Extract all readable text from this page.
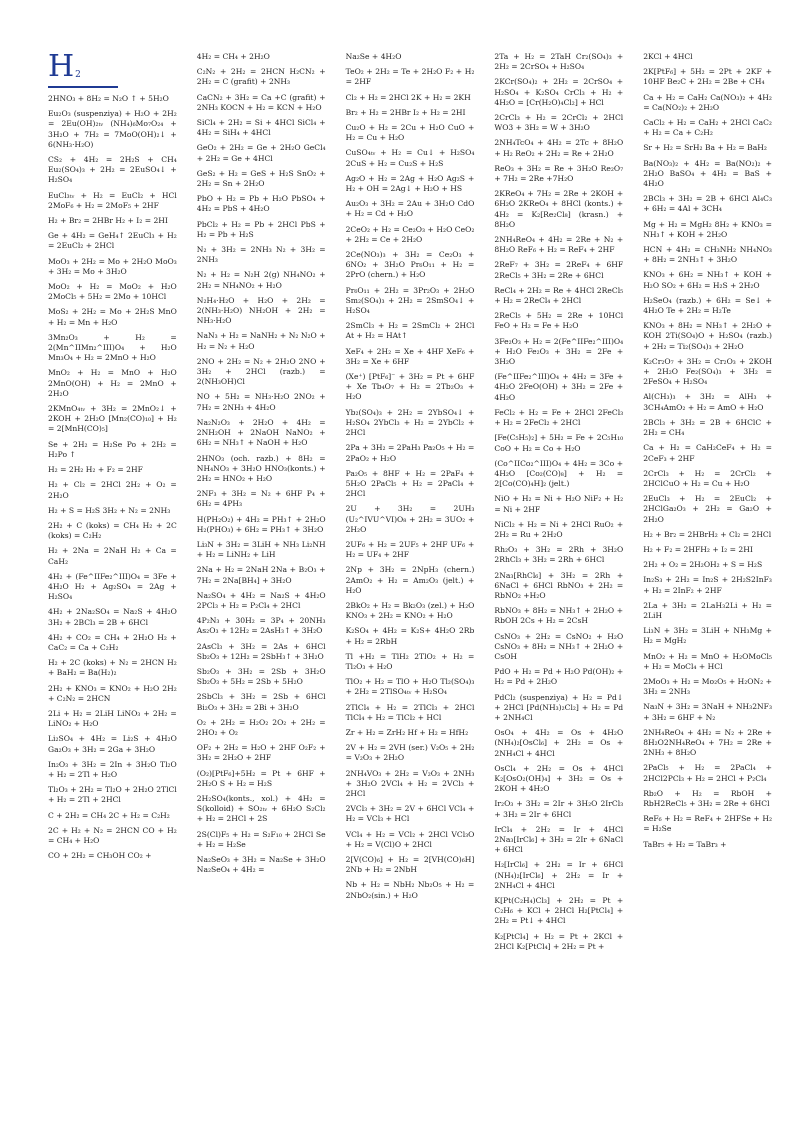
H 2

2HNO₃ + 8H₂ = N₂O ↑ + 5H₂O

Eu₂O₃ (suspenziya) + H₂O + 2H₂ = 2Eu(OH)₂ₜᵥ (NH₄)₆Mo₇O₂₄ + 3H₂O + 7H₂ = 7MoO(OH)₂↓ + 6(NH₃·H₂O)

CS₂ + 4H₂ = 2H₂S + CH₄ Eu₂(SO₄)₃ + 2H₂ = 2EuSO₄↓ + H₂SO₄

EuCl₃ₜᵥ + H₂ = EuCl₂ + HCl 2MoF₆ + H₂ = 2MoF₅ + 2HF

H₂ + Br₂ = 2HBr H₂ + I₂ = 2HI

Ge + 4H₂ = GeH₄↑ 2EuCl₃ + H₂ = 2EuCl₂ + 2HCl

MoO₃ + 2H₂ = Mo + 2H₂O MoO₃ + 3H₂ = Mo + 3H₂O

MoO₂ + H₂ = MoO₂ + H₂O 2MoCl₅ + 5H₂ = 2Mo + 10HCl

MoS₂ + 2H₂ = Mo + 2H₂S MnO + H₂ = Mn + H₂O

3Mn₂O₃ + H₂ = 2(Mn^IIMn₂^III)O₄ + H₂O Mn₃O₄ + H₂ = 2MnO + H₂O

MnO₂ + H₂ = MnO + H₂O 2MnO(OH) + H₂ = 2MnO + 2H₂O

2KMnO₄ₜᵥ + 3H₂ = 2MnO₂↓ + 2KOH + 2H₂O [Mn₂(CO)₁₀] + H₂ = 2[MnH(CO)₅]

Se + 2H₂ = H₂Se Po + 2H₂ = H₂Po ↑

H₂ = 2H₂ H₂ + F₂ = 2HF

H₂ + Cl₂ = 2HCl 2H₂ + O₂ = 2H₂O

H₂ + S = H₂S 3H₂ + N₂ = 2NH₃

2H₂ + C (koks) = CH₄ H₂ + 2C (koks) = C₂H₂

H₂ + 2Na = 2NaH H₂ + Ca = CaH₂

4H₂ + (Fe^IIFe₂^III)O₄ = 3Fe + 4H₂O H₂ + Ag₂SO₄ = 2Ag + H₂SO₄

4H₂ + 2Na₂SO₄ = Na₂S + 4H₂O 3H₂ + 2BCl₃ = 2B + 6HCl

4H₂ + CO₂ = CH₄ + 2H₂O H₂ + CaC₂ = Ca + C₂H₂

H₂ + 2C (koks) + N₂ = 2HCN H₂ + BaH₂ = Ba(H₂)₂

2H₂ + KNO₃ = KNO₂ + H₂O 2H₂ + C₂N₂ = 2HCN

2Li + H₂ = 2LiH LiNO₃ + 2H₂ = LiNO₂ + H₂O

Li₂SO₄ + 4H₂ = Li₂S + 4H₂O Ga₂O₃ + 3H₂ = 2Ga + 3H₂O

In₂O₃ + 3H₂ = 2In + 3H₂O Tl₂O + H₂ = 2Tl + H₂O

Tl₂O₃ + 2H₂ = Tl₂O + 2H₂O 2TlCl + H₂ = 2Tl + 2HCl

C + 2H₂ = CH₄ 2C + H₂ = C₂H₂

2C + H₂ + N₂ = 2HCN CO + H₂ = CH₄ + H₂O

CO + 2H₂ = CH₃OH CO₂ +

4H₂ = CH₄ + 2H₂O

C₂N₂ + 2H₂ = 2HCN H₂CN₂ + 2H₂ = C (grafit) + 2NH₃

CaCN₂ + 3H₂ = Ca +C (grafit) + 2NH₃ KOCN + H₂ = KCN + H₂O

SiCl₄ + 2H₂ = Si + 4HCl SiCl₄ + 4H₂ = SiH₄ + 4HCl

GeO₂ + 2H₂ = Ge + 2H₂O GeCl₄ + 2H₂ = Ge + 4HCl

GeS₂ + H₂ = GeS + H₂S SnO₂ + 2H₂ = Sn + 2H₂O

PbO + H₂ = Pb + H₂O PbSO₄ + 4H₂ = PbS + 4H₂O

PbCl₂ + H₂ = Pb + 2HCl PbS + H₂ = Pb + H₂S

N₂ + 3H₂ = 2NH₃ N₂ + 3H₂ = 2NH₃

N₂ + H₂ = N₂H 2(g) NH₄NO₂ + 2H₂ = NH₄NO₂ + H₂O

N₂H₄·H₂O + H₂O + 2H₂ = 2(NH₃·H₂O) NH₂OH + 2H₂ = NH₃·H₂O

NaN₃ + H₂ = NaNH₂ + N₂ N₂O + H₂ = N₂ + H₂O

2NO + 2H₂ = N₂ + 2H₂O 2NO + 3H₂ + 2HCl (razb.) = 2(NH₃OH)Cl

NO + 5H₂ = NH₃·H₂O 2NO₂ + 7H₂ = 2NH₃ + 4H₂O

Na₂N₂O₃ + 2H₂O + 4H₂ = 2NH₂OH + 2NaOH NaNO₂ + 6H₂ = NH₃↑ + NaOH + H₂O

2HNO₃ (och. razb.) + 8H₂ = NH₄NO₃ + 3H₂O HNO₃(konts.) + 2H₂ = HNO₂ + H₂O

2NF₃ + 3H₂ = N₂ + 6HF P₄ + 6H₂ = 4PH₃

H(PH₂O₂) + 4H₂ = PH₃↑ + 2H₂O H₂(PHO₃) + 6H₂ = PH₃↑ + 3H₂O

Li₃N + 3H₂ = 3LiH + NH₃ Li₂NH + H₂ = LiNH₂ + LiH

2Na + H₂ = 2NaH 2Na + B₂O₃ + 7H₂ = 2Na[BH₄] + 3H₂O

Na₂SO₄ + 4H₂ = Na₂S + 4H₂O 2PCl₃ + H₂ = P₂Cl₄ + 2HCl

4P₂N₃ + 30H₂ = 3P₄ + 20NH₃ As₂O₃ + 12H₂ = 2AsH₃↑ + 3H₂O

2AsCl₃ + 3H₂ = 2As + 6HCl Sb₂O₃ + 12H₂ = 2SbH₃↑ + 3H₂O

Sb₂O₃ + 3H₂ = 2Sb + 3H₂O Sb₂O₃ + 5H₂ = 2Sb + 5H₂O

2SbCl₃ + 3H₂ = 2Sb + 6HCl Bi₂O₃ + 3H₂ = 2Bi + 3H₂O

O₂ + 2H₂ = H₂O₂ 2O₂ + 2H₂ = 2HO₂ + O₂

OF₂ + 2H₂ = H₂O + 2HF O₂F₂ + 3H₂ = 2H₂O + 2HF

(O₂)[PtF₆]+5H₂ = Pt + 6HF + 2H₂O S + H₂ = H₂S

2H₂SO₄(konts., xol.) + 4H₂ = S(kolloid) + SO₂ₜᵥ + 6H₂O S₂Cl₂ + H₂ = 2HCl + 2S

2S(Cl)F₅ + H₂ = S₂F₁₀ + 2HCl Se + H₂ = H₂Se

Na₂SeO₃ + 3H₂ = Na₂Se + 3H₂O Na₂SeO₄ + 4H₂ =

Na₂Se + 4H₂O

TeO₂ + 2H₂ = Te + 2H₂O F₂ + H₂ = 2HF

Cl₂ + H₂ = 2HCl 2K + H₂ = 2KH

Br₂ + H₂ = 2HBr I₂ + H₂ = 2HI

Cu₂O + H₂ = 2Cu + H₂O CuO + H₂ = Cu + H₂O

CuSO₄ₜᵥ + H₂ = Cu↓ + H₂SO₄ 2CuS + H₂ = Cu₂S + H₂S

Ag₂O + H₂ = 2Ag + H₂O Ag₂S + H₂ + OH = 2Ag↓ + H₂O + HS

Au₂O₃ + 3H₂ = 2Au + 3H₂O CdO + H₂ = Cd + H₂O

2CeO₂ + H₂ = Ce₂O₃ + H₂O CeO₂ + 2H₂ = Ce + 2H₂O

2Ce(NO₃)₃ + 3H₂ = Ce₂O₃ + 6NO₂ + 3H₂O Pr₆O₁₁ + H₂ = 2PrO (chern.) + H₂O

Pr₆O₁₁ + 2H₂ = 3Pr₂O₃ + 2H₂O Sm₂(SO₄)₃ + 2H₂ = 2SmSO₄↓ + H₂SO₄

2SmCl₃ + H₂ = 2SmCl₂ + 2HCl At + H₂ = HAt↑

XeF₄ + 2H₂ = Xe + 4HF XeF₆ + 3H₂ = Xe + 6HF

(Xe⁺) [PtF₆]⁻ + 3H₂ = Pt + 6HF + Xe Tb₄O₇ + H₂ = 2Tb₂O₃ + H₂O

Yb₂(SO₄)₃ + 2H₂ = 2YbSO₄↓ + H₂SO₄ 2YbCl₃ + H₂ = 2YbCl₂ + 2HCl

2Pa + 3H₂ = 2PaH₃ Pa₂O₅ + H₂ = 2PaO₂ + H₂O

Pa₂O₅ + 8HF + H₂ = 2PaF₄ + 5H₂O 2PaCl₅ + H₂ = 2PaCl₄ + 2HCl

2U + 3H₂ = 2UH₃ (U₂^IVU^VI)O₈ + 2H₂ = 3UO₂ + 2H₂O

2UF₆ + H₂ = 2UF₅ + 2HF UF₆ + H₂ = UF₄ + 2HF

2Np + 3H₂ = 2NpH₃ (chern.) 2AmO₂ + H₂ = Am₂O₃ (jelt.) + H₂O

2BkO₂ + H₂ = Bk₂O₃ (zel.) + H₂O KNO₃ + 2H₂ = KNO₂ + H₂O

K₂SO₄ + 4H₂ = K₂S+ 4H₂O 2Rb + H₂ = 2RbH

Tl +H₂ = TlH₂ 2TlO₂ + H₂ = Tl₂O₃ + H₂O

TlO₂ + H₂ = TlO + H₂O Tl₂(SO₄)₃ + 2H₂ = 2TlSO₄ₜᵥ + H₂SO₄

2TlCl₄ + H₂ = 2TlCl₃ + 2HCl TlCl₄ + H₂ = TlCl₂ + HCl

Zr + H₂ = ZrH₂ Hf + H₂ = HfH₂

2V + H₂ = 2VH (ser.) V₂O₅ + 2H₂ = V₂O₃ + 2H₂O

2NH₄VO₃ + 2H₂ = V₂O₃ + 2NH₃ + 3H₂O 2VCl₄ + H₂ = 2VCl₃ + 2HCl

2VCl₃ + 3H₂ = 2V + 6HCl VCl₄ + H₂ = VCl₃ + HCl

VCl₄ + H₂ = VCl₂ + 2HCl VCl₃O + H₂ = V(Cl)O + 2HCl

2[V(CO)₆] + H₂ = 2[VH(CO)₆H] 2Nb + H₂ = 2NbH

Nb + H₂ = NbH₂ Nb₂O₅ + H₂ = 2NbO₂(sin.) + H₂O

2Ta + H₂ = 2TaH Cr₂(SO₄)₃ + 2H₂ = 2CrSO₄ + H₂SO₄

2KCr(SO₄)₂ + 2H₂ = 2CrSO₄ + H₂SO₄ + K₂SO₄ CrCl₃ + H₂ + 4H₂O = [Cr(H₂O)₄Cl₂] + HCl

2CrCl₃ + H₂ = 2CrCl₂ + 2HCl WO3 + 3H₂ = W + 3H₂O

2NH₄TcO₄ + 4H₂ = 2Tc + 8H₂O + H₂ ReO₂ + 2H₂ = Re + 2H₂O

ReO₃ + 3H₂ = Re + 3H₂O Re₂O₇ + 7H₂ = 2Re +7H₂O

2KReO₄ + 7H₂ = 2Re + 2KOH + 6H₂O 2KReO₄ + 8HCl (konts.) + 4H₂ = K₂[Re₂Cl₈] (krasn.) + 8H₂O

2NH₄ReO₄ + 4H₂ = 2Re + N₂ + 8H₂O ReF₆ + H₂ = ReF₄ + 2HF

2ReF₇ + 3H₂ = 2ReF₄ + 6HF 2ReCl₅ + 3H₂ = 2Re + 6HCl

ReCl₄ + 2H₂ = Re + 4HCl 2ReCl₅ + H₂ = 2ReCl₄ + 2HCl

2ReCl₅ + 5H₂ = 2Re + 10HCl FeO + H₂ = Fe + H₂O

3Fe₂O₃ + H₂ = 2(Fe^IIFe₂^III)O₄ + H₂O Fe₂O₃ + 3H₂ = 2Fe + 3H₂O

(Fe^IIFe₂^III)O₄ + 4H₂ = 3Fe + 4H₂O 2FeO(OH) + 3H₂ = 2Fe + 4H₂O

FeCl₂ + H₂ = Fe + 2HCl 2FeCl₃ + H₂ = 2FeCl₂ + 2HCl

[Fe(C₅H₅)₂] + 5H₂ = Fe + 2C₅H₁₀ CoO + H₂ = Co + H₂O

(Co^IICo₂^III)O₄ + 4H₂ = 3Co + 4H₂O [Co₂(CO)₈] + H₂ = 2[Co(CO)₄H]₂ (jelt.)

NiO + H₂ = Ni + H₂O NiF₂ + H₂ = Ni + 2HF

NiCl₂ + H₂ = Ni + 2HCl RuO₂ + 2H₂ = Ru + 2H₂O

Rh₂O₃ + 3H₂ = 2Rh + 3H₂O 2RhCl₃ + 3H₂ = 2Rh + 6HCl

2Na₃[RhCl₆] + 3H₂ = 2Rh + 6NaCl + 6HCl RbNO₃ + 2H₂ = RbNO₂ +H₂O

RbNO₃ + 8H₂ = NH₃↑ + 2H₂O + RbOH 2Cs + H₂ = 2CsH

CsNO₃ + 2H₂ = CsNO₂ + H₂O CsNO₃ + 8H₂ = NH₃↑ + 2H₂O + CsOH

PdO + H₂ = Pd + H₂O Pd(OH)₂ + H₂ = Pd + 2H₂O

PdCl₂ (suspenziya) + H₂ = Pd↓ + 2HCl [Pd(NH₃)₂Cl₂] + H₂ = Pd + 2NH₄Cl

OsO₄ + 4H₂ = Os + 4H₂O (NH₄)₂[OsCl₆] + 2H₂ = Os + 2NH₄Cl + 4HCl

OsCl₄ + 2H₂ = Os + 4HCl K₂[OsO₂(OH)₄] + 3H₂ = Os + 2KOH + 4H₂O

Ir₂O₃ + 3H₂ = 2Ir + 3H₂O 2IrCl₃ + 3H₂ = 2Ir + 6HCl

IrCl₄ + 2H₂ = Ir + 4HCl 2Na₃[IrCl₆] + 3H₂ = 2Ir + 6NaCl + 6HCl

H₂[IrCl₆] + 2H₂ = Ir + 6HCl (NH₄)₂[IrCl₆] + 2H₂ = Ir + 2NH₄Cl + 4HCl

K[Pt(C₂H₄)Cl₃] + 2H₂ = Pt + C₂H₆ + KCl + 2HCl H₂[PtCl₄] + 2H₂ = Pt↓ + 4HCl

K₂[PtCl₄] + H₂ = Pt + 2KCl + 2HCl K₂[PtCl₄] + 2H₂ = Pt +

2KCl + 4HCl

2K[PtF₆] + 5H₂ = 2Pt + 2KF + 10HF Be₂C + 2H₂ = 2Be + CH₄

Ca + H₂ = CaH₂ Ca(NO₃)₂ + 4H₂ = Ca(NO₂)₂ + 2H₂O

CaCl₂ + H₂ = CaH₂ + 2HCl CaC₂ + H₂ = Ca + C₂H₂

Sr + H₂ = SrH₂ Ba + H₂ = BaH₂

Ba(NO₃)₂ + 4H₂ = Ba(NO₂)₂ + 2H₂O BaSO₄ + 4H₂ = BaS + 4H₂O

2BCl₃ + 3H₂ = 2B + 6HCl Al₄C₃ + 6H₂ = 4Al + 3CH₄

Mg + H₂ = MgH₂ 8H₂ + KNO₃ = NH₃↑ + KOH + 2H₂O

HCN + 4H₂ = CH₃NH₂ NH₄NO₃ + 8H₂ = 2NH₃↑ + 3H₂O

KNO₃ + 6H₂ = NH₃↑ + KOH + H₂O SO₂ + 6H₂ = H₂S + 2H₂O

H₂SeO₄ (razb.) + 6H₂ = Se↓ + 4H₂O Te + 2H₂ = H₂Te

KNO₃ + 8H₂ = NH₃↑ + 2H₂O + KOH 2Ti(SO₄)O + H₂SO₄ (razb.) + 2H₂ = Ti₂(SO₄)₃ + 2H₂O

K₂Cr₂O₇ + 3H₂ = Cr₂O₃ + 2KOH + 2H₂O Fe₂(SO₄)₃ + 3H₂ = 2FeSO₄ + H₂SO₄

Al(CH₃)₃ + 3H₂ = AlH₃ + 3CH₄AmO₂ + H₂ = AmO + H₂O

2BCl₃ + 3H₂ = 2B + 6HClC + 2H₂ = CH₄

Ca + H₂ = CaH₂CeF₄ + H₂ = 2CeF₃ + 2HF

2CrCl₃ + H₂ = 2CrCl₂ + 2HClCuO + H₂ = Cu + H₂O

2EuCl₃ + H₂ = 2EuCl₂ + 2HClGa₂O₃ + 2H₂ = Ga₂O + 2H₂O

H₂ + Br₂ = 2HBrH₂ + Cl₂ = 2HCl

H₂ + F₂ = 2HFH₂ + I₂ = 2HI

2H₂ + O₂ = 2H₂OH₂ + S = H₂S

In₂S₃ + 2H₂ = In₂S + 2H₂S2InF₃ + H₂ = 2InF₂ + 2HF

2La + 3H₂ = 2LaH₃2Li + H₂ = 2LiH

Li₃N + 3H₂ = 3LiH + NH₃Mg + H₂ = MgH₂

MnO₂ + H₂ = MnO + H₂OMoCl₅ + H₂ = MoCl₄ + HCl

2MoO₃ + H₂ = Mo₂O₅ + H₂ON₂ + 3H₂ = 2NH₃

Na₃N + 3H₂ = 3NaH + NH₃2NF₃ + 3H₂ = 6HF + N₂

2NH₄ReO₄ + 4H₂ = N₂ + 2Re + 8H₂O2NH₄ReO₄ + 7H₂ = 2Re + 2NH₃ + 8H₂O

2PaCl₅ + H₂ = 2PaCl₄ + 2HCl2PCl₃ + H₂ = 2HCl + P₂Cl₄

Rb₂O + H₂ = RbOH + RbH2ReCl₅ + 3H₂ = 2Re + 6HCl

ReF₆ + H₂ = ReF₄ + 2HFSe + H₂ = H₂Se

TaBr₅ + H₂ = TaBr₃ +
